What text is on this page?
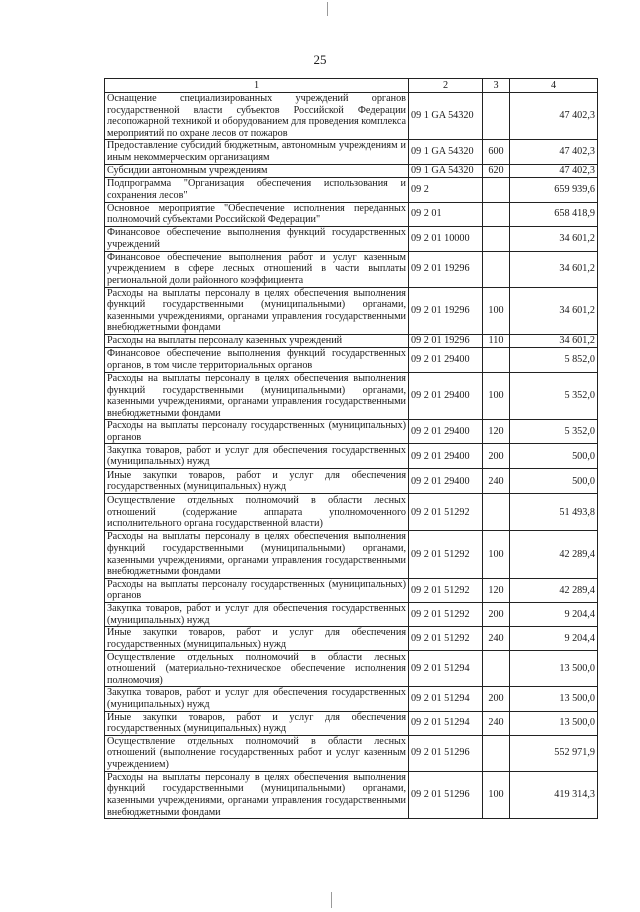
25
1	2	3	4
Оснащение специализированных учреждений органов государственной власти субъектов Российской Федерации лесопожарной техникой и оборудованием для проведения комплекса мероприятий по охране лесов от пожаров	09 1 GA 54320		47 402,3
Предоставление субсидий бюджетным, автономным учреждениям и иным некоммерческим организациям	09 1 GA 54320	600	47 402,3
Субсидии автономным учреждениям	09 1 GA 54320	620	47 402,3
Подпрограмма "Организация обеспечения использования и сохранения лесов"	09 2		659 939,6
Основное мероприятие "Обеспечение исполнения переданных полномочий субъектами Российской Федерации"	09 2 01		658 418,9
Финансовое обеспечение выполнения функций государственных учреждений	09 2 01 10000		34 601,2
Финансовое обеспечение выполнения работ и услуг казенным учреждением в сфере лесных отношений в части выплаты региональной доли районного коэффициента	09 2 01 19296		34 601,2
Расходы на выплаты персоналу в целях обеспечения выполнения функций государственными (муниципальными) органами, казенными учреждениями, органами управления государственными внебюджетными фондами	09 2 01 19296	100	34 601,2
Расходы на выплаты персоналу казенных учреждений	09 2 01 19296	110	34 601,2
Финансовое обеспечение выполнения функций государственных органов, в том числе территориальных органов	09 2 01 29400		5 852,0
Расходы на выплаты персоналу в целях обеспечения выполнения функций государственными (муниципальными) органами, казенными учреждениями, органами управления государственными внебюджетными фондами	09 2 01 29400	100	5 352,0
Расходы на выплаты персоналу государственных (муниципальных) органов	09 2 01 29400	120	5 352,0
Закупка товаров, работ и услуг для обеспечения государственных (муниципальных) нужд	09 2 01 29400	200	500,0
Иные закупки товаров, работ и услуг для обеспечения государственных (муниципальных) нужд	09 2 01 29400	240	500,0
Осуществление отдельных полномочий в области лесных отношений (содержание аппарата уполномоченного исполнительного органа государственной власти)	09 2 01 51292		51 493,8
Расходы на выплаты персоналу в целях обеспечения выполнения функций государственными (муниципальными) органами, казенными учреждениями, органами управления государственными внебюджетными фондами	09 2 01 51292	100	42 289,4
Расходы на выплаты персоналу государственных (муниципальных) органов	09 2 01 51292	120	42 289,4
Закупка товаров, работ и услуг для обеспечения государственных (муниципальных) нужд	09 2 01 51292	200	9 204,4
Иные закупки товаров, работ и услуг для обеспечения государственных (муниципальных) нужд	09 2 01 51292	240	9 204,4
Осуществление отдельных полномочий в области лесных отношений (материально-техническое обеспечение исполнения полномочия)	09 2 01 51294		13 500,0
Закупка товаров, работ и услуг для обеспечения государственных (муниципальных) нужд	09 2 01 51294	200	13 500,0
Иные закупки товаров, работ и услуг для обеспечения государственных (муниципальных) нужд	09 2 01 51294	240	13 500,0
Осуществление отдельных полномочий в области лесных отношений (выполнение государственных работ и услуг казенным учреждением)	09 2 01 51296		552 971,9
Расходы на выплаты персоналу в целях обеспечения выполнения функций государственными (муниципальными) органами, казенными учреждениями, органами управления государственными внебюджетными фондами	09 2 01 51296	100	419 314,3
